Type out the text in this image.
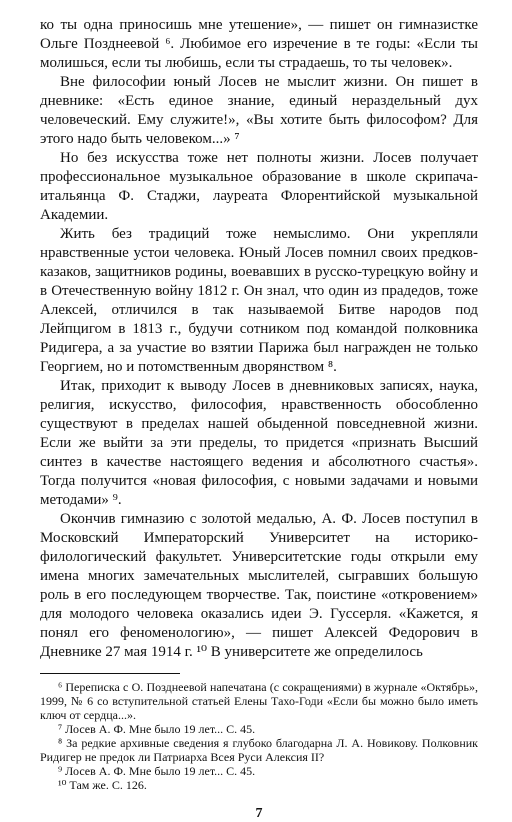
ко ты одна приносишь мне утешение», — пишет он гимназистке Ольге Позднеевой ⁶. Любимое его изречение в те годы: «Если ты молишься, если ты любишь, если ты страдаешь, то ты человек».

Вне философии юный Лосев не мыслит жизни. Он пишет в дневнике: «Есть единое знание, единый нераздельный дух человеческий. Ему служите!», «Вы хотите быть философом? Для этого надо быть человеком...» ⁷

Но без искусства тоже нет полноты жизни. Лосев получает профессиональное музыкальное образование в школе скрипача-итальянца Ф. Стаджи, лауреата Флорентийской музыкальной Академии.

Жить без традиций тоже немыслимо. Они укрепляли нравственные устои человека. Юный Лосев помнил своих предков-казаков, защитников родины, воевавших в русско-турецкую войну и в Отечественную войну 1812 г. Он знал, что один из прадедов, тоже Алексей, отличился в так называемой Битве народов под Лейпцигом в 1813 г., будучи сотником под командой полковника Ридигера, а за участие во взятии Парижа был награжден не только Георгием, но и потомственным дворянством ⁸.

Итак, приходит к выводу Лосев в дневниковых записях, наука, религия, искусство, философия, нравственность обособленно существуют в пределах нашей обыденной повседневной жизни. Если же выйти за эти пределы, то придется «признать Высший синтез в качестве настоящего ведения и абсолютного счастья». Тогда получится «новая философия, с новыми задачами и новыми методами» ⁹.

Окончив гимназию с золотой медалью, А. Ф. Лосев поступил в Московский Императорский Университет на историко-филологический факультет. Университетские годы открыли ему имена многих замечательных мыслителей, сыгравших большую роль в его последующем творчестве. Так, поистине «откровением» для молодого человека оказались идеи Э. Гуссерля. «Кажется, я понял его феноменологию», — пишет Алексей Федорович в Дневнике 27 мая 1914 г. ¹⁰ В университете же определилось

⁶ Переписка с О. Позднеевой напечатана (с сокращениями) в журнале «Октябрь», 1999, № 6 со вступительной статьей Елены Тахо-Годи «Если бы можно было иметь ключ от сердца...».

⁷ Лосев А. Ф. Мне было 19 лет... С. 45.

⁸ За редкие архивные сведения я глубоко благодарна Л. А. Новикову. Полковник Ридигер не предок ли Патриарха Всея Руси Алексия II?

⁹ Лосев А. Ф. Мне было 19 лет... С. 45.

¹⁰ Там же. С. 126.

7
